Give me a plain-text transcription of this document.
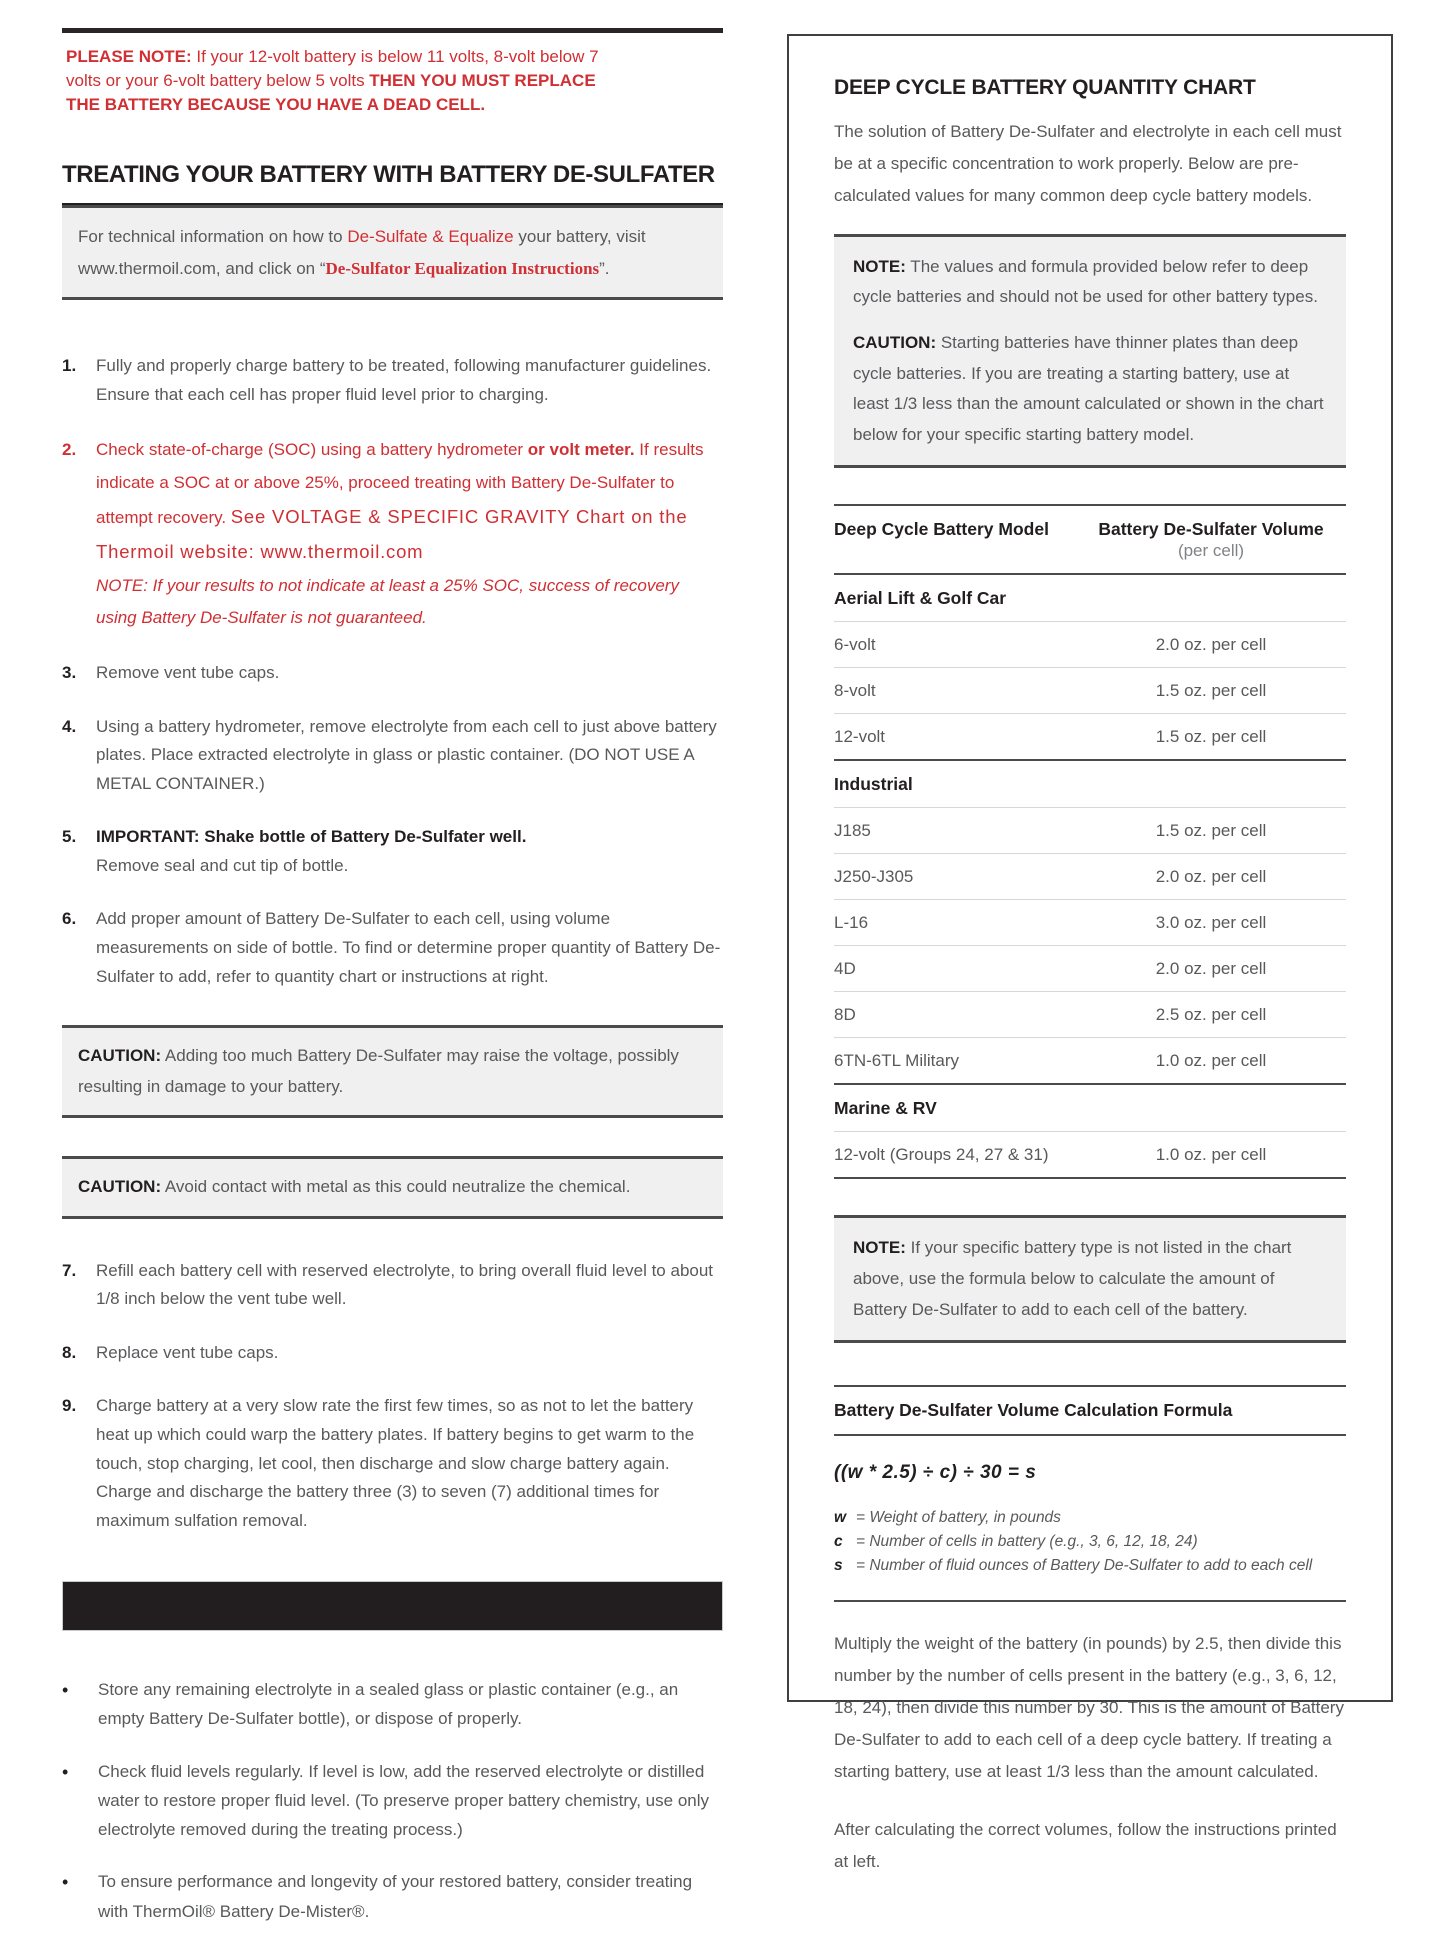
PLEASE NOTE: If your 12-volt battery is below 11 volts, 8-volt below 7 volts or your 6-volt battery below 5 volts THEN YOU MUST REPLACE THE BATTERY BECAUSE YOU HAVE A DEAD CELL.

TREATING YOUR BATTERY WITH BATTERY DE-SULFATER
For technical information on how to De-Sulfate & Equalize your battery, visit www.thermoil.com, and click on “De-Sulfator Equalization Instructions”.
1.	Fully and properly charge battery to be treated, following manufacturer guidelines. Ensure that each cell has proper fluid level prior to charging.
2.	Check state-of-charge (SOC) using a battery hydrometer or volt meter. If results indicate a SOC at or above 25%, proceed treating with Battery De-Sulfater to attempt recovery. See VOLTAGE & SPECIFIC GRAVITY Chart on the Thermoil website: www.thermoil.com
NOTE: If your results to not indicate at least a 25% SOC, success of recovery using Battery De-Sulfater is not guaranteed.
3.	Remove vent tube caps.
4.	Using a battery hydrometer, remove electrolyte from each cell to just above battery plates. Place extracted electrolyte in glass or plastic container. (DO NOT USE A METAL CONTAINER.)
5.	IMPORTANT: Shake bottle of Battery De-Sulfater well.
Remove seal and cut tip of bottle.
6.	Add proper amount of Battery De-Sulfater to each cell, using volume measurements on side of bottle. To find or determine proper quantity of Battery De-Sulfater to add, refer to quantity chart or instructions at right.
CAUTION: Adding too much Battery De-Sulfater may raise the voltage, possibly resulting in damage to your battery.
CAUTION: Avoid contact with metal as this could neutralize the chemical.
7.	Refill each battery cell with reserved electrolyte, to bring overall fluid level to about 1/8 inch below the vent tube well.
8.	Replace vent tube caps.
9.	Charge battery at a very slow rate the first few times, so as not to let the battery heat up which could warp the battery plates. If battery begins to get warm to the touch, stop charging, let cool, then discharge and slow charge battery again. Charge and discharge the battery three (3) to seven (7) additional times for maximum sulfation removal.
•
Store any remaining electrolyte in a sealed glass or plastic container (e.g., an empty Battery De-Sulfater bottle), or dispose of properly.
•
Check fluid levels regularly. If level is low, add the reserved electrolyte or distilled water to restore proper fluid level. (To preserve proper battery chemistry, use only electrolyte removed during the treating process.)
•
To ensure performance and longevity of your restored battery, consider treating with ThermOil® Battery De-Mister®.
DEEP CYCLE BATTERY QUANTITY CHART

The solution of Battery De-Sulfater and electrolyte in each cell must be at a specific concentration to work properly. Below are pre-calculated values for many common deep cycle battery models.

NOTE: The values and formula provided below refer to deep cycle batteries and should not be used for other battery types.

CAUTION: Starting batteries have thinner plates than deep cycle batteries. If you are treating a starting battery, use at least 1/3 less than the amount calculated or shown in the chart below for your specific starting battery model.

Deep Cycle Battery Model	Battery De-Sulfater Volume
(per cell)
Aerial Lift & Golf Car
6-volt	2.0 oz. per cell
8-volt	1.5 oz. per cell
12-volt	1.5 oz. per cell
Industrial
J185	1.5 oz. per cell
J250-J305	2.0 oz. per cell
L-16	3.0 oz. per cell
4D	2.0 oz. per cell
8D	2.5 oz. per cell
6TN-6TL Military	1.0 oz. per cell
Marine & RV
12-volt (Groups 24, 27 & 31)	1.0 oz. per cell

NOTE: If your specific battery type is not listed in the chart above, use the formula below to calculate the amount of Battery De-Sulfater to add to each cell of the battery.

Battery De-Sulfater Volume Calculation Formula
((w * 2.5) ÷ c) ÷ 30 = s
w = Weight of battery, in pounds
c = Number of cells in battery (e.g., 3, 6, 12, 18, 24)
s = Number of fluid ounces of Battery De-Sulfater to add to each cell

Multiply the weight of the battery (in pounds) by 2.5, then divide this number by the number of cells present in the battery (e.g., 3, 6, 12, 18, 24), then divide this number by 30. This is the amount of Battery De-Sulfater to add to each cell of a deep cycle battery. If treating a starting battery, use at least 1/3 less than the amount calculated.

After calculating the correct volumes, follow the instructions printed at left.
